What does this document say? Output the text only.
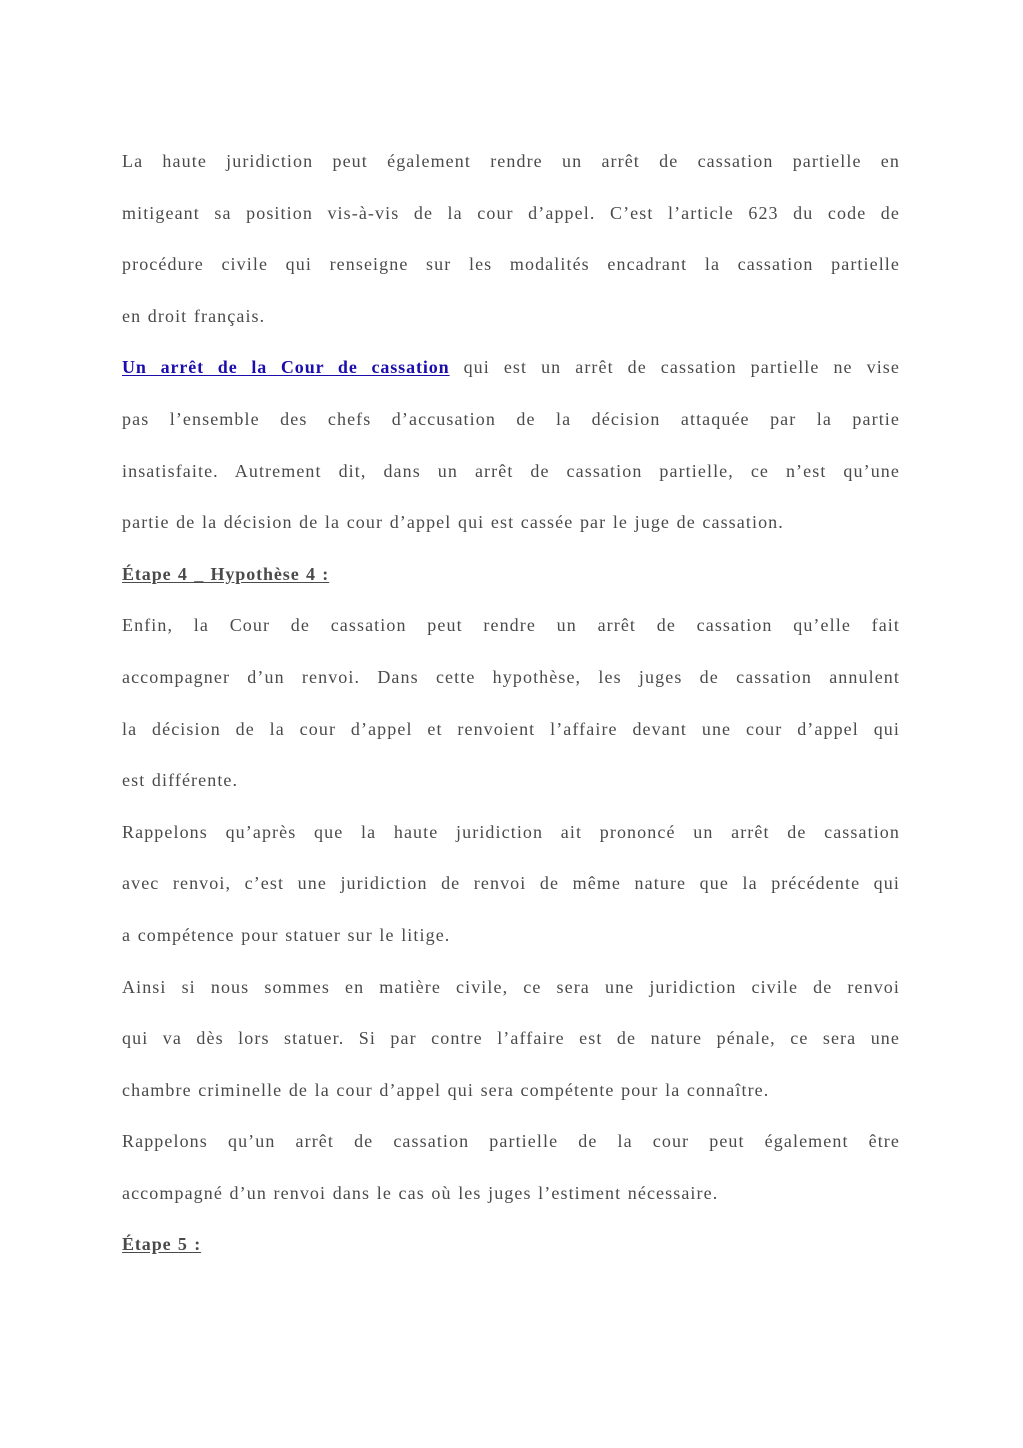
La haute juridiction peut également rendre un arrêt de cassation partielle en
mitigeant sa position vis-à-vis de la cour d’appel. C’est l’article 623 du code de
procédure civile qui renseigne sur les modalités encadrant la cassation partielle
en droit français.
Un arrêt de la Cour de cassation qui est un arrêt de cassation partielle ne vise
pas l’ensemble des chefs d’accusation de la décision attaquée par la partie
insatisfaite. Autrement dit, dans un arrêt de cassation partielle, ce n’est qu’une
partie de la décision de la cour d’appel qui est cassée par le juge de cassation.
Étape 4 _ Hypothèse 4 :
Enfin, la Cour de cassation peut rendre un arrêt de cassation qu’elle fait
accompagner d’un renvoi. Dans cette hypothèse, les juges de cassation annulent
la décision de la cour d’appel et renvoient l’affaire devant une cour d’appel qui
est différente.
Rappelons qu’après que la haute juridiction ait prononcé un arrêt de cassation
avec renvoi, c’est une juridiction de renvoi de même nature que la précédente qui
a compétence pour statuer sur le litige.
Ainsi si nous sommes en matière civile, ce sera une juridiction civile de renvoi
qui va dès lors statuer. Si par contre l’affaire est de nature pénale, ce sera une
chambre criminelle de la cour d’appel qui sera compétente pour la connaître.
Rappelons qu’un arrêt de cassation partielle de la cour peut également être
accompagné d’un renvoi dans le cas où les juges l’estiment nécessaire.
Étape 5 :
